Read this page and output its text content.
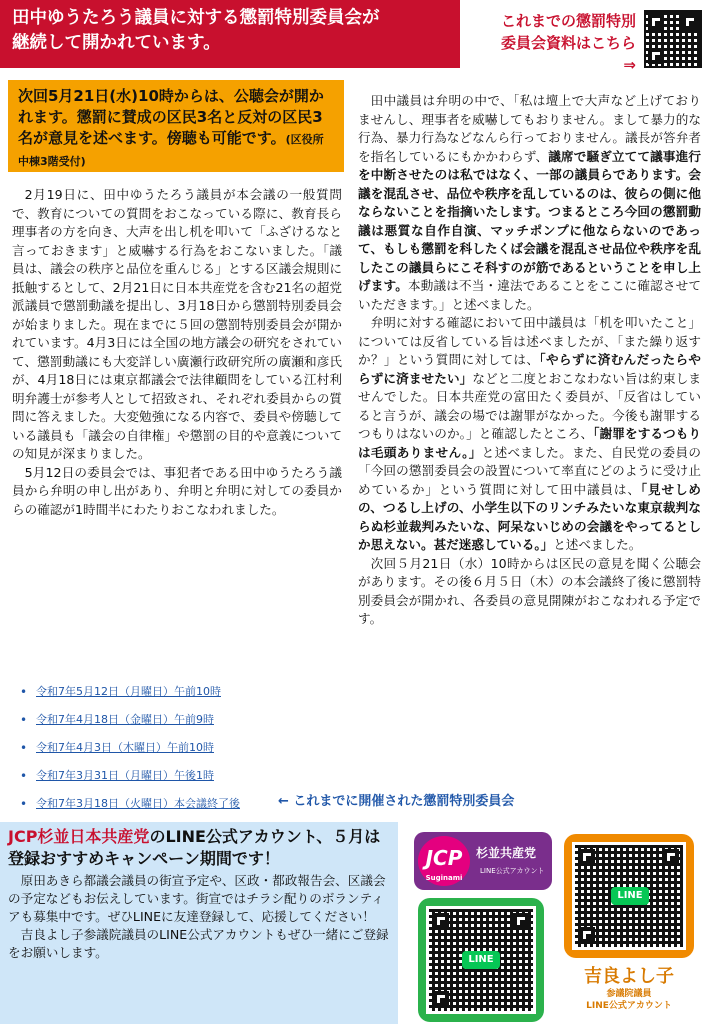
田中ゆうたろう議員に対する懲罰特別委員会が
継続して開かれています。
これまでの懲罰特別
委員会資料はこちら
⇒
次回5月21日(水)10時からは、公聴会が開かれます。懲罰に賛成の区民3名と反対の区民3名が意見を述べます。傍聴も可能です。(区役所中棟3階受付)

2月19日に、田中ゆうたろう議員が本会議の一般質問で、教育についての質問をおこなっている際に、教育長ら理事者の方を向き、大声を出し机を叩いて「ふざけるなと言っておきます」と威嚇する行為をおこないました。「議員は、議会の秩序と品位を重んじる」とする区議会規則に抵触するとして、2月21日に日本共産党を含む21名の超党派議員で懲罰動議を提出し、3月18日から懲罰特別委員会が始まりました。現在までに５回の懲罰特別委員会が開かれています。4月3日には全国の地方議会の研究をされていて、懲罰動議にも大変詳しい廣瀬行政研究所の廣瀬和彦氏が、4月18日には東京都議会で法律顧問をしている江村利明弁護士が参考人として招致され、それぞれ委員からの質問に答えました。大変勉強になる内容で、委員や傍聴している議員も「議会の自律権」や懲罰の目的や意義についての知見が深まりました。

5月12日の委員会では、事犯者である田中ゆうたろう議員から弁明の申し出があり、弁明と弁明に対しての委員からの確認が1時間半にわたりおこなわれました。

田中議員は弁明の中で、「私は壇上で大声など上げておりませんし、理事者を威嚇してもおりません。まして暴力的な行為、暴力行為などなんら行っておりません。議長が答弁者を指名しているにもかかわらず、議席で騒ぎ立てて議事進行を中断させたのは私ではなく、一部の議員らであります。会議を混乱させ、品位や秩序を乱しているのは、彼らの側に他ならないことを指摘いたします。つまるところ今回の懲罰動議は悪質な自作自演、マッチポンプに他ならないのであって、もしも懲罰を科したくば会議を混乱させ品位や秩序を乱したこの議員らにこそ科すのが筋であるということを申し上げます。本動議は不当・違法であることをここに確認させていただきます。」と述べました。

弁明に対する確認において田中議員は「机を叩いたこと」については反省している旨は述べましたが、「また繰り返すか？」という質問に対しては、「やらずに済むんだったらやらずに済ませたい」などと二度とおこなわない旨は約束しませんでした。日本共産党の富田たく委員が、「反省はしていると言うが、議会の場では謝罪がなかった。今後も謝罪するつもりはないのか。」と確認したところ、「謝罪をするつもりは毛頭ありません。」と述べました。また、自民党の委員の「今回の懲罰委員会の設置について率直にどのように受け止めているか」という質問に対して田中議員は、「見せしめの、つるし上げの、小学生以下のリンチみたいな東京裁判ならぬ杉並裁判みたいな、阿呆ないじめの会議をやってるとしか思えない。甚だ迷惑している。」と述べました。

次回５月21日（水）10時からは区民の意見を聞く公聴会があります。その後６月５日（木）の本会議終了後に懲罰特別委員会が開かれ、各委員の意見開陳がおこなわれる予定です。

• 令和7年5月12日（月曜日）午前10時
• 令和7年4月18日（金曜日）午前9時
• 令和7年4月3日（木曜日）午前10時
• 令和7年3月31日（月曜日）午後1時
• 令和7年3月18日（火曜日）本会議終了後	← これまでに開催された懲罰特別委員会
JCP杉並日本共産党のLINE公式アカウント、５月は登録おすすめキャンペーン期間です！

原田あきら都議会議員の街宣予定や、区政・都政報告会、区議会の予定などもお伝えしています。街宣ではチラシ配りのボランティアも募集中です。ぜひLINEに友達登録して、応援してください！

吉良よし子参議院議員のLINE公式アカウントもぜひ一緒にご登録をお願いします。

JCP
Suginami
杉並共産党
LINE公式アカウント
LINE
LINE
吉良よし子
参議院議員
LINE公式アカウント
